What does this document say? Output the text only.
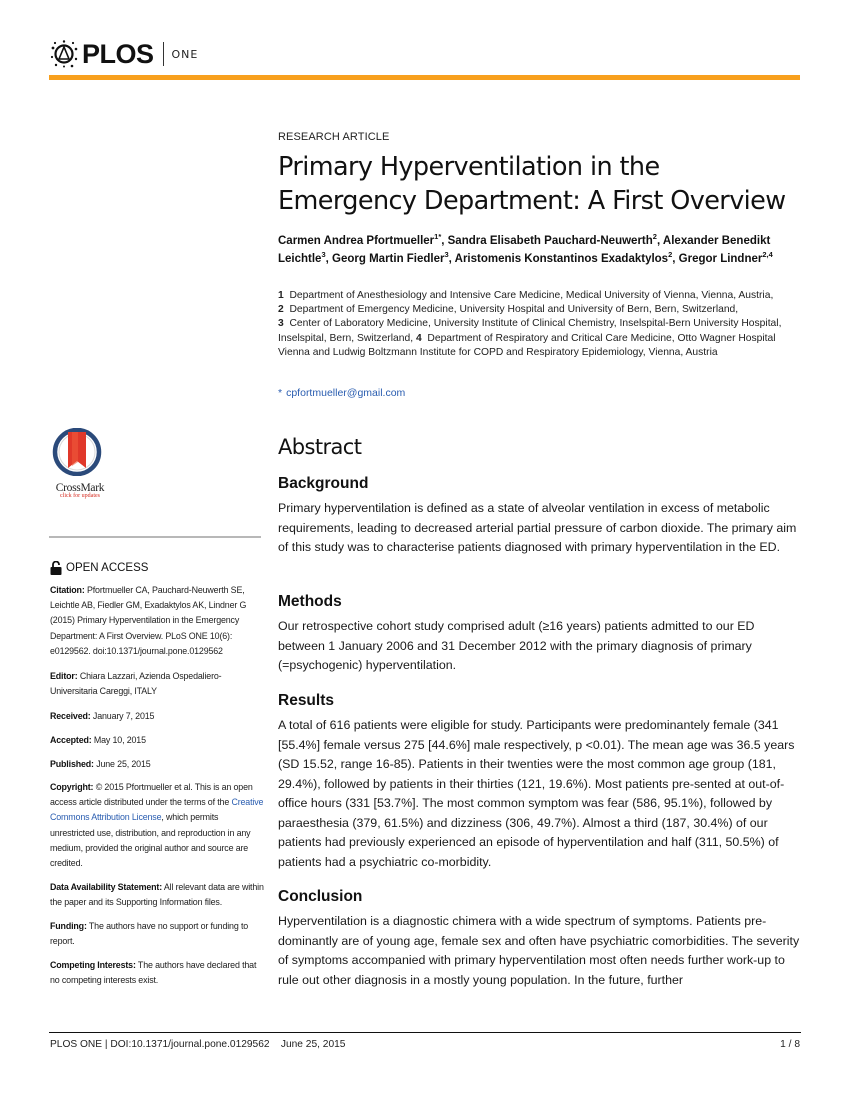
PLOS ONE
RESEARCH ARTICLE
Primary Hyperventilation in the Emergency Department: A First Overview
Carmen Andrea Pfortmueller$^{1*}$, Sandra Elisabeth Pauchard-Neuwerth$^2$, Alexander Benedikt Leichtle$^3$, Georg Martin Fiedler$^3$, Aristomenis Konstantinos Exadaktylos$^2$, Gregor Lindner$^{2,4}$
1 Department of Anesthesiology and Intensive Care Medicine, Medical University of Vienna, Vienna, Austria,
2 Department of Emergency Medicine, University Hospital and University of Bern, Bern, Switzerland,
3 Center of Laboratory Medicine, University Institute of Clinical Chemistry, Inselspital-Bern University Hospital, Inselspital, Bern, Switzerland, 4 Department of Respiratory and Critical Care Medicine, Otto Wagner Hospital Vienna and Ludwig Boltzmann Institute for COPD and Respiratory Epidemiology, Vienna, Austria
* cpfortmueller@gmail.com
Abstract
Background

Primary hyperventilation is defined as a state of alveolar ventilation in excess of metabolic requirements, leading to decreased arterial partial pressure of carbon dioxide. The primary aim of this study was to characterise patients diagnosed with primary hyperventilation in the ED.

Methods

Our retrospective cohort study comprised adult (≥16 years) patients admitted to our ED between 1 January 2006 and 31 December 2012 with the primary diagnosis of primary (=psychogenic) hyperventilation.

Results

A total of 616 patients were eligible for study. Participants were predominantely female (341 [55.4%] female versus 275 [44.6%] male respectively, p <0.01). The mean age was 36.5 years (SD 15.52, range 16-85). Patients in their twenties were the most common age group (181, 29.4%), followed by patients in their thirties (121, 19.6%). Most patients pre-sented at out-of-office hours (331 [53.7%]. The most common symptom was fear (586, 95.1%), followed by paraesthesia (379, 61.5%) and dizziness (306, 49.7%). Almost a third (187, 30.4%) of our patients had previously experienced an episode of hyperventilation and half (311, 50.5%) of patients had a psychiatric co-morbidity.

Conclusion

Hyperventilation is a diagnostic chimera with a wide spectrum of symptoms. Patients pre-dominantly are of young age, female sex and often have psychiatric comorbidities. The severity of symptoms accompanied with primary hyperventilation most often needs further work-up to rule out other diagnosis in a mostly young population. In the future, further

CrossMark
click for updates
OPEN ACCESS
Citation: Pfortmueller CA, Pauchard-Neuwerth SE, Leichtle AB, Fiedler GM, Exadaktylos AK, Lindner G (2015) Primary Hyperventilation in the Emergency Department: A First Overview. PLoS ONE 10(6): e0129562. doi:10.1371/journal.pone.0129562
Editor: Chiara Lazzari, Azienda Ospedaliero-Universitaria Careggi, ITALY
Received: January 7, 2015
Accepted: May 10, 2015
Published: June 25, 2015
Copyright: © 2015 Pfortmueller et al. This is an open access article distributed under the terms of the Creative Commons Attribution License, which permits unrestricted use, distribution, and reproduction in any medium, provided the original author and source are credited.
Data Availability Statement: All relevant data are within the paper and its Supporting Information files.
Funding: The authors have no support or funding to report.
Competing Interests: The authors have declared that no competing interests exist.
PLOS ONE | DOI:10.1371/journal.pone.0129562    June 25, 2015	1 / 8
